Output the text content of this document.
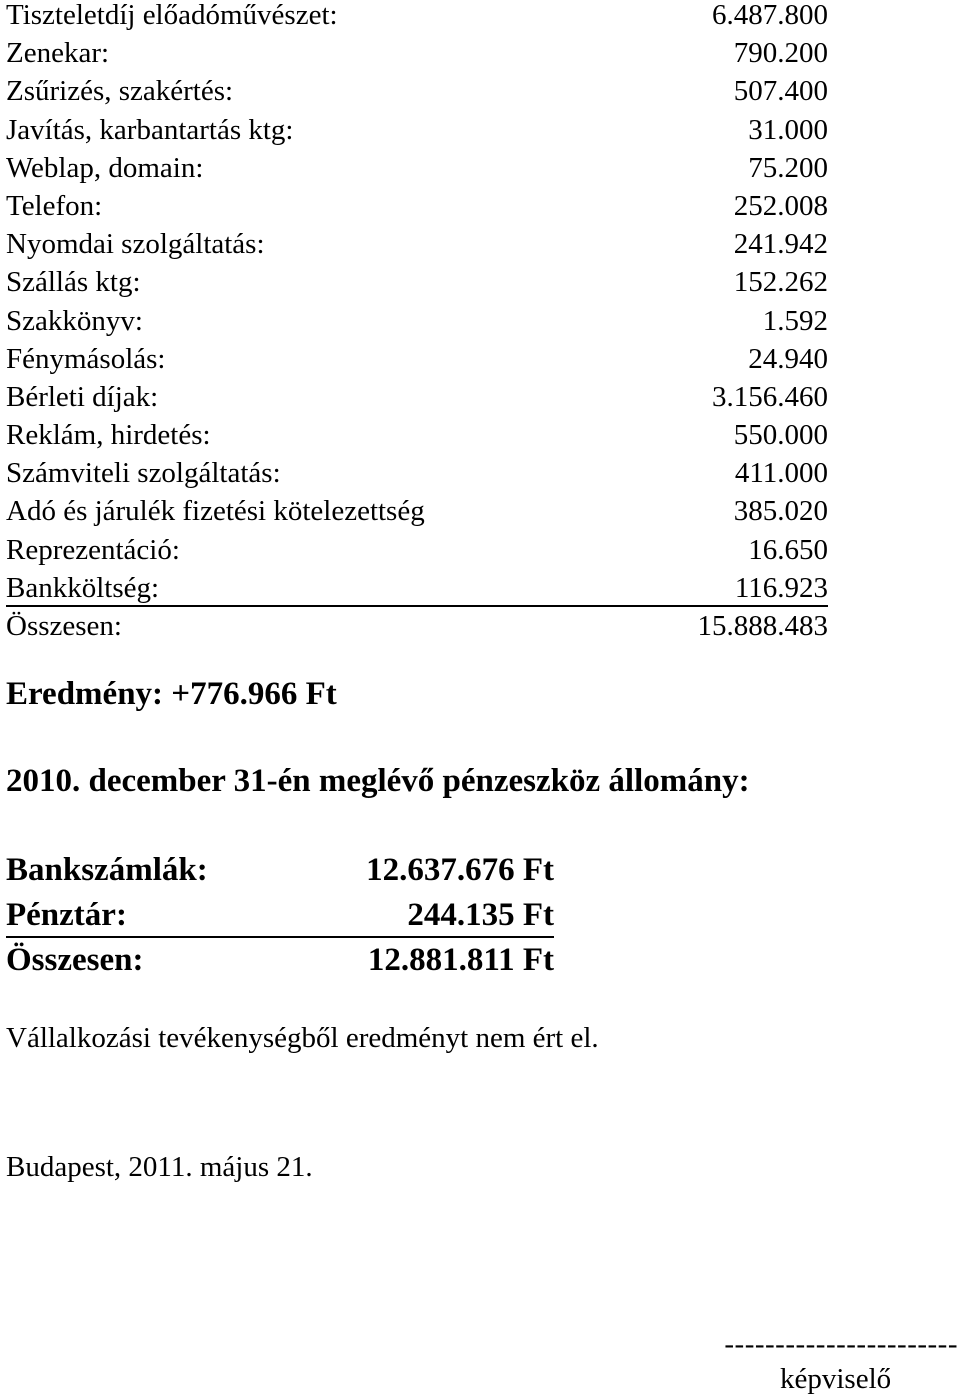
Tiszteletdíj előadóművészet:	6.487.800
Zenekar:	790.200
Zsűrizés, szakértés:	507.400
Javítás, karbantartás ktg:	31.000
Weblap, domain:	75.200
Telefon:	252.008
Nyomdai szolgáltatás:	241.942
Szállás ktg:	152.262
Szakkönyv:	1.592
Fénymásolás:	24.940
Bérleti díjak:	3.156.460
Reklám, hirdetés:	550.000
Számviteli szolgáltatás:	411.000
Adó és járulék fizetési kötelezettség	385.020
Reprezentáció:	16.650
Bankköltség:	116.923
Összesen:	15.888.483
Eredmény: +776.966 Ft
2010. december 31-én meglévő pénzeszköz állomány:
Bankszámlák:	12.637.676 Ft
Pénztár:	244.135 Ft
Összesen:	12.881.811 Ft
Vállalkozási tevékenységből eredményt nem ért el.
Budapest, 2011. május 21.
-----------------------
képviselő
